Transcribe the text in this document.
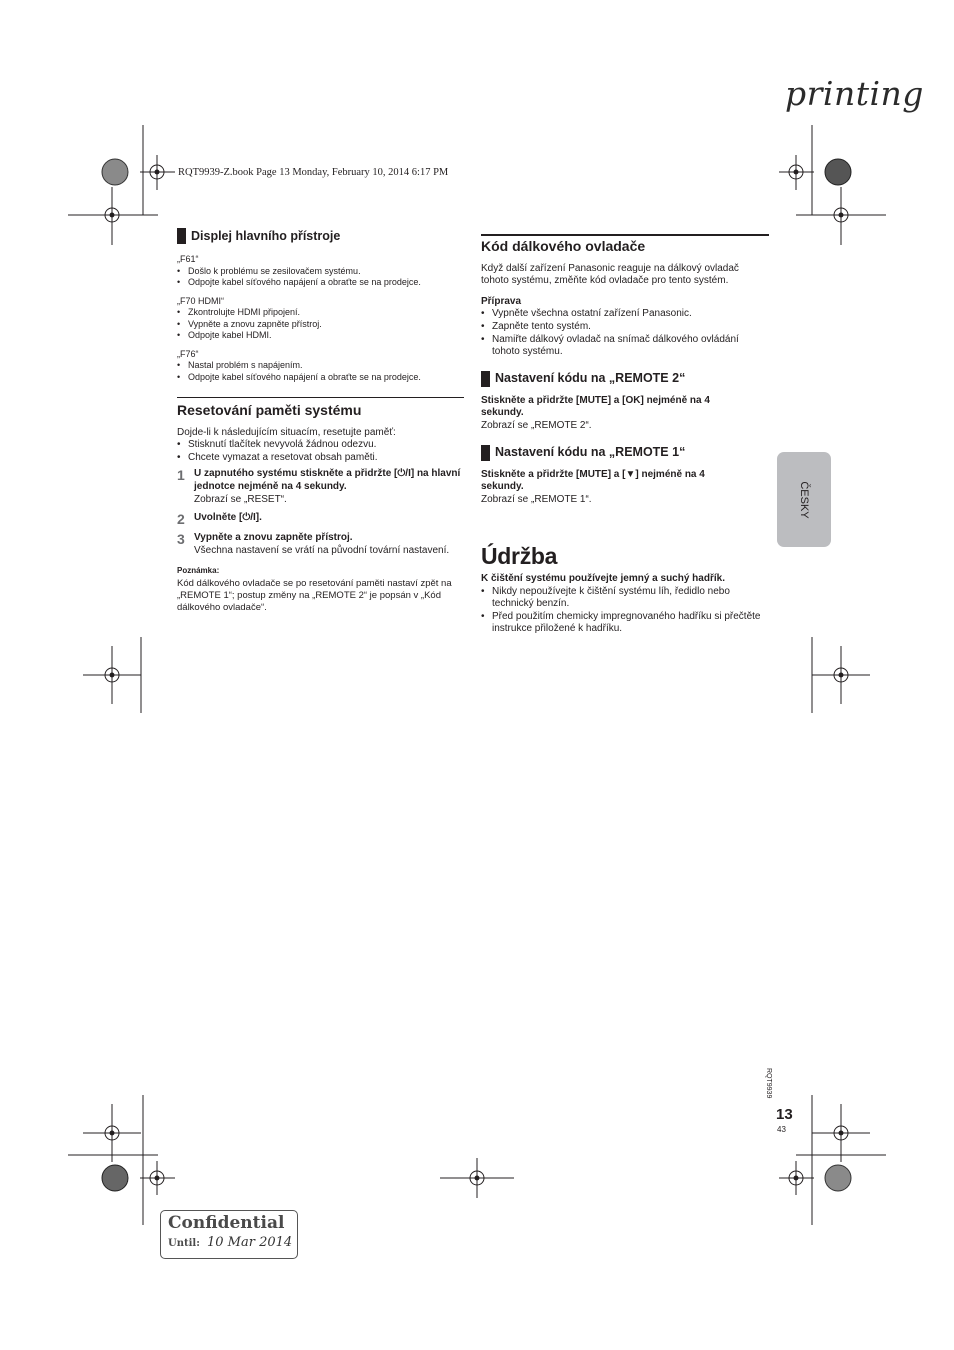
printing
RQT9939-Z.book Page 13 Monday, February 10, 2014 6:17 PM
Displej hlavního přístroje

„F61“

• Došlo k problému se zesilovačem systému.
• Odpojte kabel síťového napájení a obraťte se na prodejce.

„F70 HDMI“

• Zkontrolujte HDMI připojení.
• Vypněte a znovu zapněte přístroj.
• Odpojte kabel HDMI.

„F76“

• Nastal problém s napájením.
• Odpojte kabel síťového napájení a obraťte se na prodejce.
Resetování paměti systému

Dojde-li k následujícím situacím, resetujte paměť:

• Stisknutí tlačítek nevyvolá žádnou odezvu.
• Chcete vymazat a resetovat obsah paměti.
1 U zapnutého systému stiskněte a přidržte [⏻/I] na hlavní jednotce nejméně na 4 sekundy.

Zobrazí se „RESET“.

2 Uvolněte [⏻/I].

3 Vypněte a znovu zapněte přístroj.

Všechna nastavení se vrátí na původní tovární nastavení.

Poznámka:

Kód dálkového ovladače se po resetování paměti nastaví zpět na „REMOTE 1“; postup změny na „REMOTE 2“ je popsán v „Kód dálkového ovladače“.

Kód dálkového ovladače

Když další zařízení Panasonic reaguje na dálkový ovladač tohoto systému, změňte kód ovladače pro tento systém.

Příprava

• Vypněte všechna ostatní zařízení Panasonic.
• Zapněte tento systém.
• Namiřte dálkový ovladač na snímač dálkového ovládání tohoto systému.
Nastavení kódu na „REMOTE 2“

Stiskněte a přidržte [MUTE] a [OK] nejméně na 4 sekundy.

Zobrazí se „REMOTE 2“.

Nastavení kódu na „REMOTE 1“

Stiskněte a přidržte [MUTE] a [▼] nejméně na 4 sekundy.

Zobrazí se „REMOTE 1“.

Údržba

K čištění systému používejte jemný a suchý hadřík.

• Nikdy nepoužívejte k čištění systému líh, ředidlo nebo technický benzín.
• Před použitím chemicky impregnovaného hadříku si přečtěte instrukce přiložené k hadříku.
ČESKY
RQT9939
13
43
Confidential
Until: 10 Mar 2014
